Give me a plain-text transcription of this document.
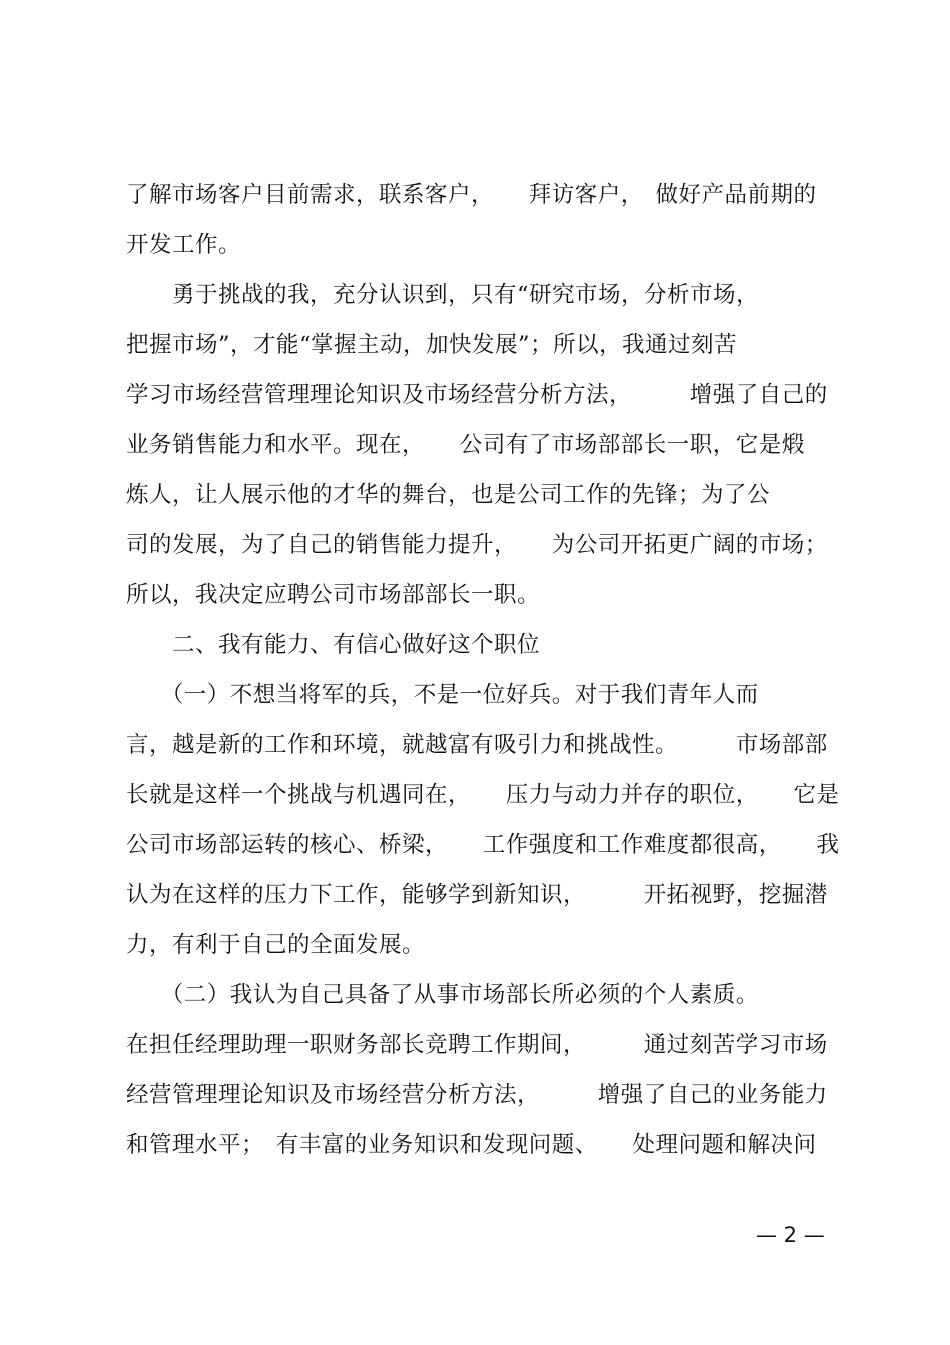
了解市场客户目前需求，联系客户，　　拜访客户，　做好产品前期的
开发工作。
　　勇于挑战的我，充分认识到，只有“研究市场，分析市场，
把握市场”，才能“掌握主动，加快发展”；所以，我通过刻苦
学习市场经营管理理论知识及市场经营分析方法，　　　增强了自己的
业务销售能力和水平。现在，　　公司有了市场部部长一职，它是煅
炼人，让人展示他的才华的舞台，也是公司工作的先锋；为了公
司的发展，为了自己的销售能力提升，　　为公司开拓更广阔的市场；
所以，我决定应聘公司市场部部长一职。
　　二、我有能力、有信心做好这个职位
　　（一）不想当将军的兵，不是一位好兵。对于我们青年人而
言，越是新的工作和环境，就越富有吸引力和挑战性。　　　市场部部
长就是这样一个挑战与机遇同在，　　压力与动力并存的职位，　　它是
公司市场部运转的核心、桥梁，　　工作强度和工作难度都很高，　　我
认为在这样的压力下工作，能够学到新知识，　　　开拓视野，挖掘潜
力，有利于自己的全面发展。
　　（二）我认为自己具备了从事市场部长所必须的个人素质。
在担任经理助理一职财务部长竞聘工作期间，　　　通过刻苦学习市场
经营管理理论知识及市场经营分析方法，　　　增强了自己的业务能力
和管理水平；　有丰富的业务知识和发现问题、　　处理问题和解决问
— 2 —
